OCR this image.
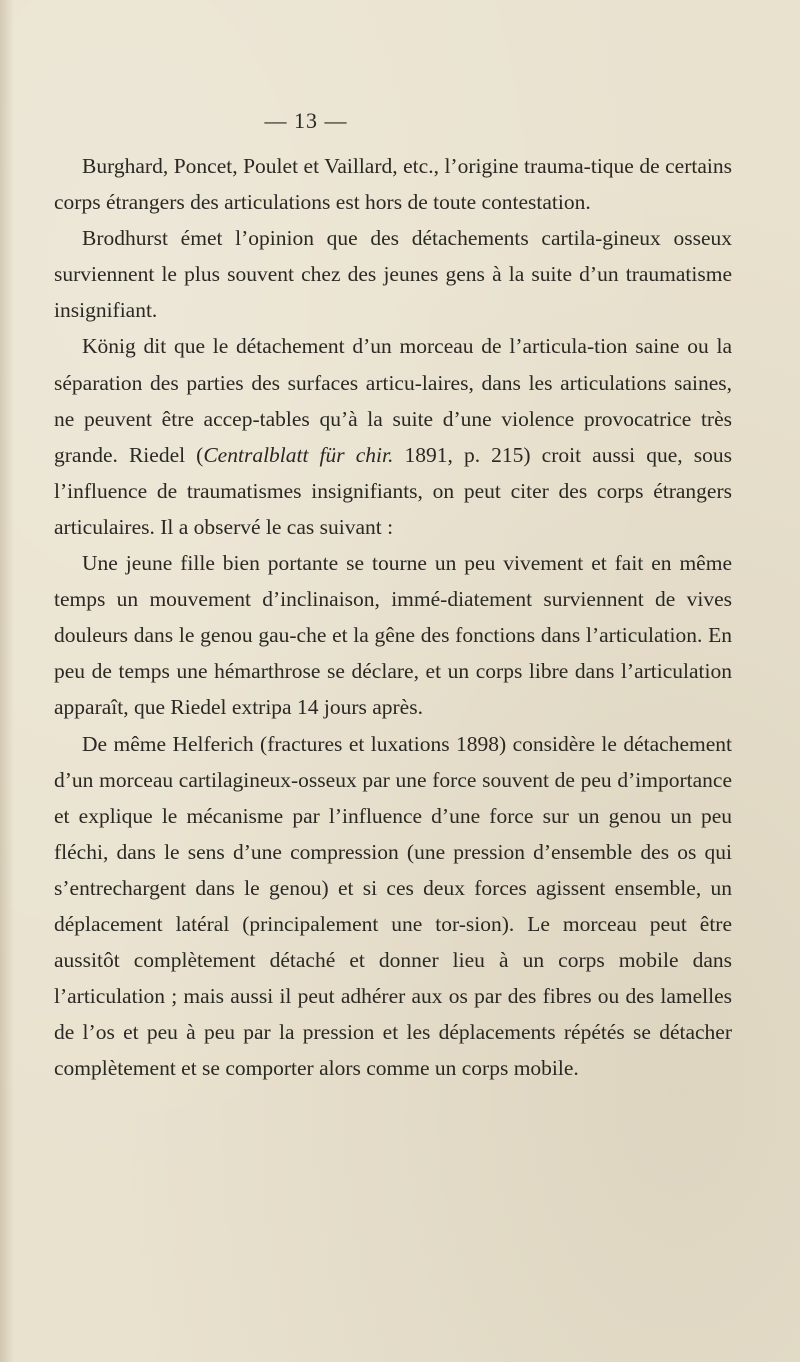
— 13 —

Burghard, Poncet, Poulet et Vaillard, etc., l’origine trauma-tique de certains corps étrangers des articulations est hors de toute contestation.

Brodhurst émet l’opinion que des détachements cartila-gineux osseux surviennent le plus souvent chez des jeunes gens à la suite d’un traumatisme insignifiant.

König dit que le détachement d’un morceau de l’articula-tion saine ou la séparation des parties des surfaces articu-laires, dans les articulations saines, ne peuvent être accep-tables qu’à la suite d’une violence provocatrice très grande. Riedel (Centralblatt für chir. 1891, p. 215) croit aussi que, sous l’influence de traumatismes insignifiants, on peut citer des corps étrangers articulaires. Il a observé le cas suivant :

Une jeune fille bien portante se tourne un peu vivement et fait en même temps un mouvement d’inclinaison, immé-diatement surviennent de vives douleurs dans le genou gau-che et la gêne des fonctions dans l’articulation. En peu de temps une hémarthrose se déclare, et un corps libre dans l’articulation apparaît, que Riedel extripa 14 jours après.

De même Helferich (fractures et luxations 1898) considère le détachement d’un morceau cartilagineux-osseux par une force souvent de peu d’importance et explique le mécanisme par l’influence d’une force sur un genou un peu fléchi, dans le sens d’une compression (une pression d’ensemble des os qui s’entrechargent dans le genou) et si ces deux forces agissent ensemble, un déplacement latéral (principalement une tor-sion). Le morceau peut être aussitôt complètement détaché et donner lieu à un corps mobile dans l’articulation ; mais aussi il peut adhérer aux os par des fibres ou des lamelles de l’os et peu à peu par la pression et les déplacements répétés se détacher complètement et se comporter alors comme un corps mobile.
